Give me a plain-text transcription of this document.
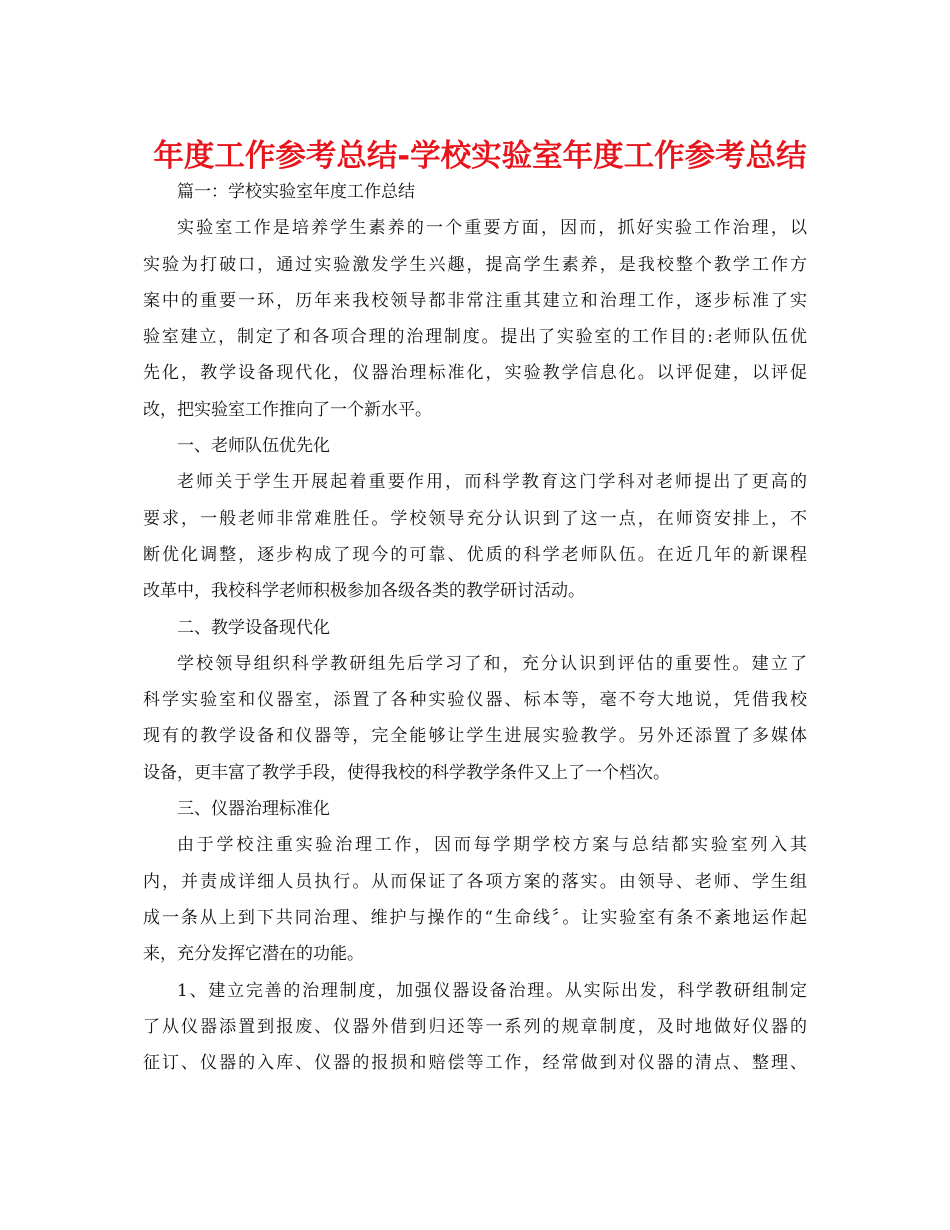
年度工作参考总结-学校实验室年度工作参考总结

篇一：学校实验室年度工作总结

实验室工作是培养学生素养的一个重要方面，因而，抓好实验工作治理，以
实验为打破口，通过实验激发学生兴趣，提高学生素养，是我校整个教学工作方
案中的重要一环，历年来我校领导都非常注重其建立和治理工作，逐步标准了实
验室建立，制定了和各项合理的治理制度。提出了实验室的工作目的:老师队伍优
先化，教学设备现代化，仪器治理标准化，实验教学信息化。以评促建，以评促
改，把实验室工作推向了一个新水平。

一、老师队伍优先化

老师关于学生开展起着重要作用，而科学教育这门学科对老师提出了更高的
要求，一般老师非常难胜任。学校领导充分认识到了这一点，在师资安排上，不
断优化调整，逐步构成了现今的可靠、优质的科学老师队伍。在近几年的新课程
改革中，我校科学老师积极参加各级各类的教学研讨活动。

二、教学设备现代化

学校领导组织科学教研组先后学习了和，充分认识到评估的重要性。建立了
科学实验室和仪器室，添置了各种实验仪器、标本等，毫不夸大地说，凭借我校
现有的教学设备和仪器等，完全能够让学生进展实验教学。另外还添置了多媒体
设备，更丰富了教学手段，使得我校的科学教学条件又上了一个档次。

三、仪器治理标准化

由于学校注重实验治理工作，因而每学期学校方案与总结都实验室列入其
内，并责成详细人员执行。从而保证了各项方案的落实。由领导、老师、学生组
成一条从上到下共同治理、维护与操作的“生命线〞。让实验室有条不紊地运作起
来，充分发挥它潜在的功能。
1、建立完善的治理制度，加强仪器设备治理。从实际出发，科学教研组制定
了从仪器添置到报废、仪器外借到归还等一系列的规章制度，及时地做好仪器的
征订、仪器的入库、仪器的报损和赔偿等工作，经常做到对仪器的清点、整理、
